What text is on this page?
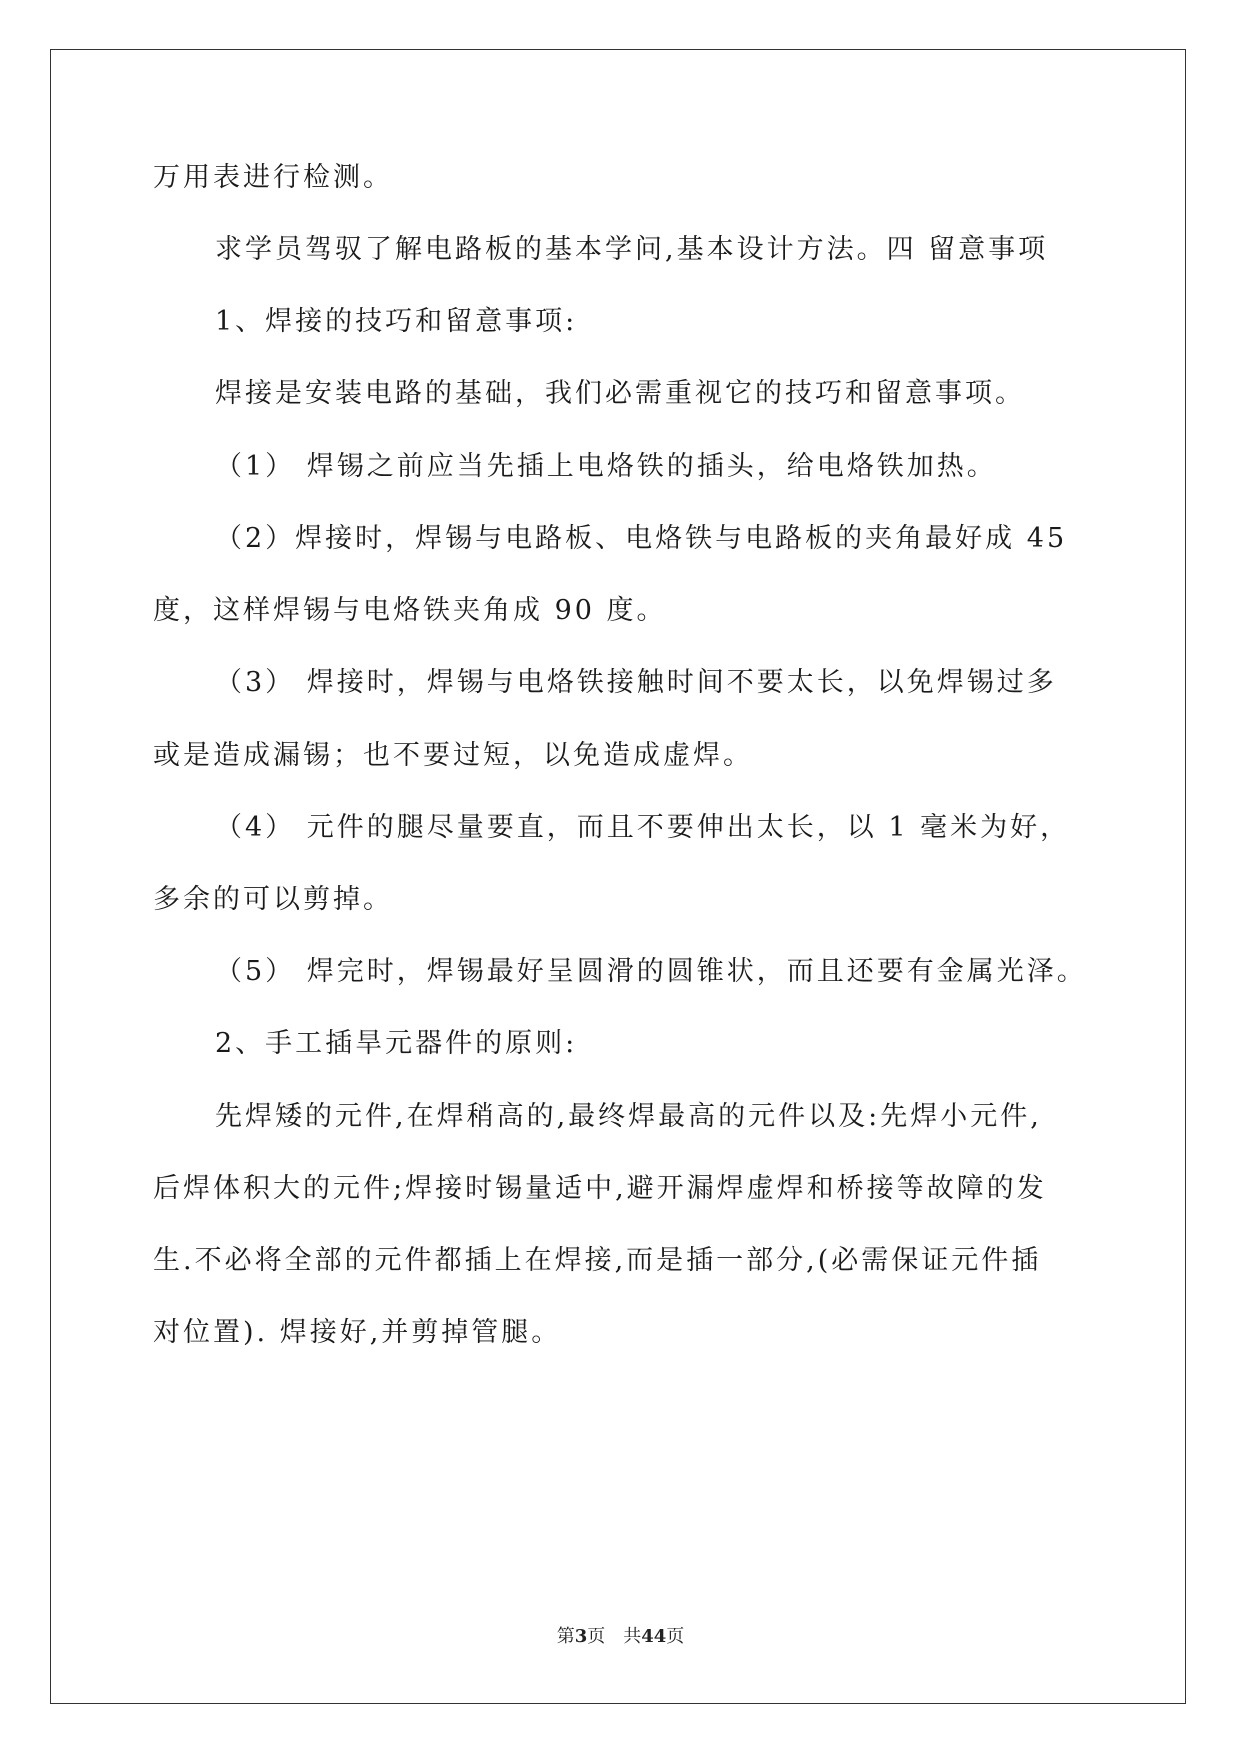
万用表进行检测。
求学员驾驭了解电路板的基本学问,基本设计方法。四 留意事项
1、焊接的技巧和留意事项:
焊接是安装电路的基础，我们必需重视它的技巧和留意事项。
（1） 焊锡之前应当先插上电烙铁的插头，给电烙铁加热。
（2）焊接时，焊锡与电路板、电烙铁与电路板的夹角最好成 45
度，这样焊锡与电烙铁夹角成 90 度。
（3） 焊接时，焊锡与电烙铁接触时间不要太长，以免焊锡过多
或是造成漏锡；也不要过短，以免造成虚焊。
（4） 元件的腿尽量要直，而且不要伸出太长，以 1 毫米为好，
多余的可以剪掉。
（5） 焊完时，焊锡最好呈圆滑的圆锥状，而且还要有金属光泽。
2、手工插旱元器件的原则:
先焊矮的元件,在焊稍高的,最终焊最高的元件以及:先焊小元件,
后焊体积大的元件;焊接时锡量适中,避开漏焊虚焊和桥接等故障的发
生.不必将全部的元件都插上在焊接,而是插一部分,(必需保证元件插
对位置). 焊接好,并剪掉管腿。
第3页　共44页
